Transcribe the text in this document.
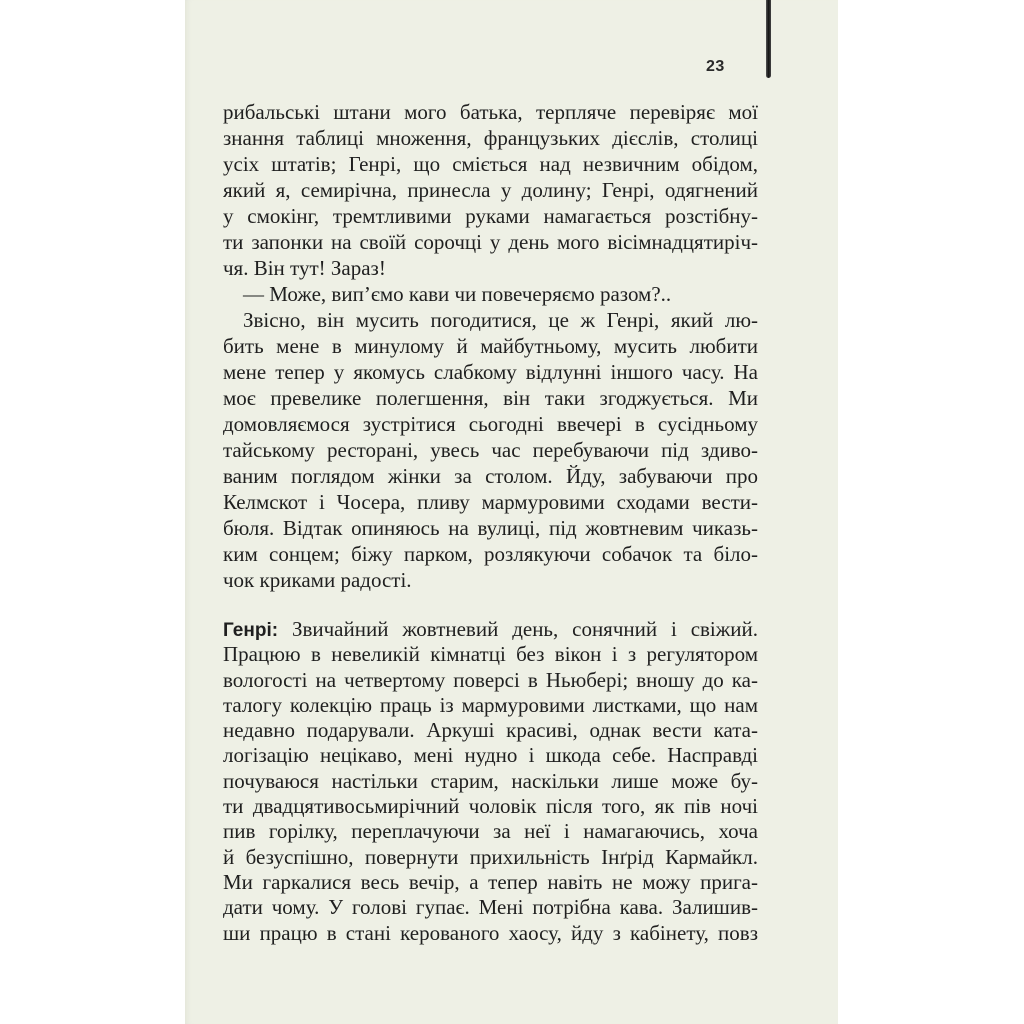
23
рибальські штани мого батька, терпляче перевіряє мої
знання таблиці множення, французьких дієслів, столиці
усіх штатів; Генрі, що сміється над незвичним обідом,
який я, семирічна, принесла у долину; Генрі, одягнений
у смокінг, тремтливими руками намагається розстібну-
ти запонки на своїй сорочці у день мого вісімнадцятиріч-
чя. Він тут! Зараз!
— Може, вип’ємо кави чи повечеряємо разом?..
Звісно, він мусить погодитися, це ж Генрі, який лю-
бить мене в минулому й майбутньому, мусить любити
мене тепер у якомусь слабкому відлунні іншого часу. На
моє превелике полегшення, він таки згоджується. Ми
домовляємося зустрітися сьогодні ввечері в сусідньому
тайському ресторані, увесь час перебуваючи під здиво-
ваним поглядом жінки за столом. Йду, забуваючи про
Келмскот і Чосера, пливу мармуровими сходами вести-
бюля. Відтак опиняюсь на вулиці, під жовтневим чиказь-
ким сонцем; біжу парком, розлякуючи собачок та біло-
чок криками радості.
Генрі: Звичайний жовтневий день, сонячний і свіжий.
Працюю в невеликій кімнатці без вікон і з регулятором
вологості на четвертому поверсі в Ньюбері; вношу до ка-
талогу колекцію праць із мармуровими листками, що нам
недавно подарували. Аркуші красиві, однак вести ката-
логізацію нецікаво, мені нудно і шкода себе. Насправді
почуваюся настільки старим, наскільки лише може бу-
ти двадцятивосьмирічний чоловік після того, як пів ночі
пив горілку, переплачуючи за неї і намагаючись, хоча
й безуспішно, повернути прихильність Інґрід Кармайкл.
Ми гаркалися весь вечір, а тепер навіть не можу прига-
дати чому. У голові гупає. Мені потрібна кава. Залишив-
ши працю в стані керованого хаосу, йду з кабінету, повз
